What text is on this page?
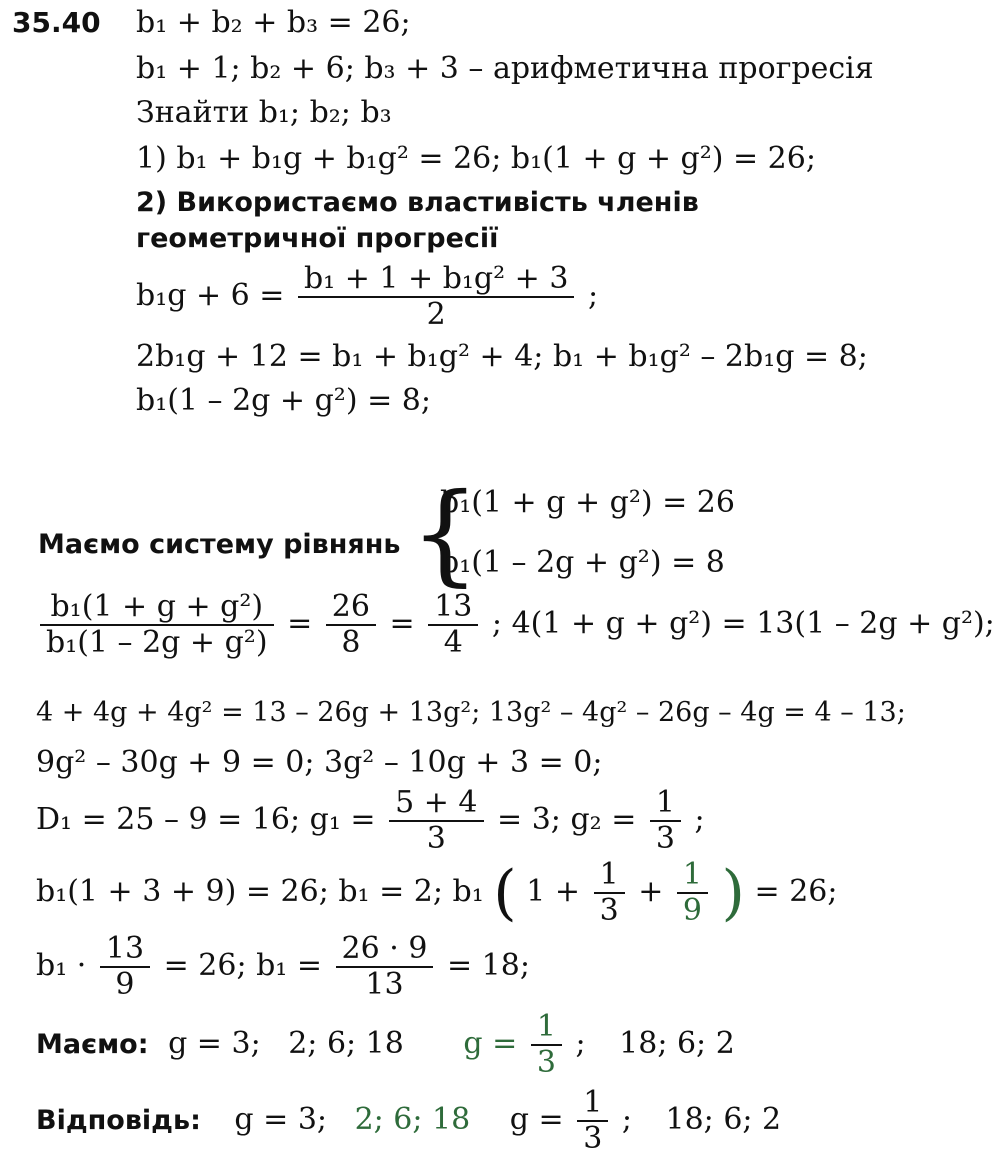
35.40 b₁ + b₂ + b₃ = 26;
b₁ + 1; b₂ + 6; b₃ + 3 – арифметична прогресія
Знайти b₁; b₂; b₃
1) b₁ + b₁g + b₁g² = 26; b₁(1 + g + g²) = 26;
2) Використаємо властивість членів
геометричної прогресії
$b_1g + 6 = \frac{\text{b₁ + 1 + b₁g² + 3}}{2}$ ;
2b₁g + 12 = b₁ + b₁g² + 4; b₁ + b₁g² – 2b₁g = 8;
b₁(1 – 2g + g²) = 8;
Маємо систему рівнянь {
b₁(1 + g + g²) = 26
b₁(1 – 2g + g²) = 8
$\frac{\text{b₁(1 + g + g²)}}{\text{b₁(1 – 2g + g²)}} = \frac{26}{8} = \frac{13}{4}$ ; 4(1 + g + g²) = 13(1 – 2g + g²);
4 + 4g + 4g² = 13 – 26g + 13g²; 13g² – 4g² – 26g – 4g = 4 – 13;
9g² – 30g + 9 = 0; 3g² – 10g + 3 = 0;
D₁ = 25 – 9 = 16; $g_1 = \frac{5 + 4}{3} = 3$; $g_2 = \frac{1}{3}$ ;
b₁(1 + 3 + 9) = 26; b₁ = 2; b₁ ( $1 + \frac{1}{3} + \frac{1}{9}$ ) = 26;
$b_1 \cdot \frac{13}{9} = 26$; $b_1 = \frac{26 \cdot 9}{13} = 18$;
Маємо: g = 3; 2; 6; 18 $g = \frac{1}{3}$ ; 18; 6; 2
Відповідь: g = 3; 2; 6; 18 $g = \frac{1}{3}$ ; 18; 6; 2
